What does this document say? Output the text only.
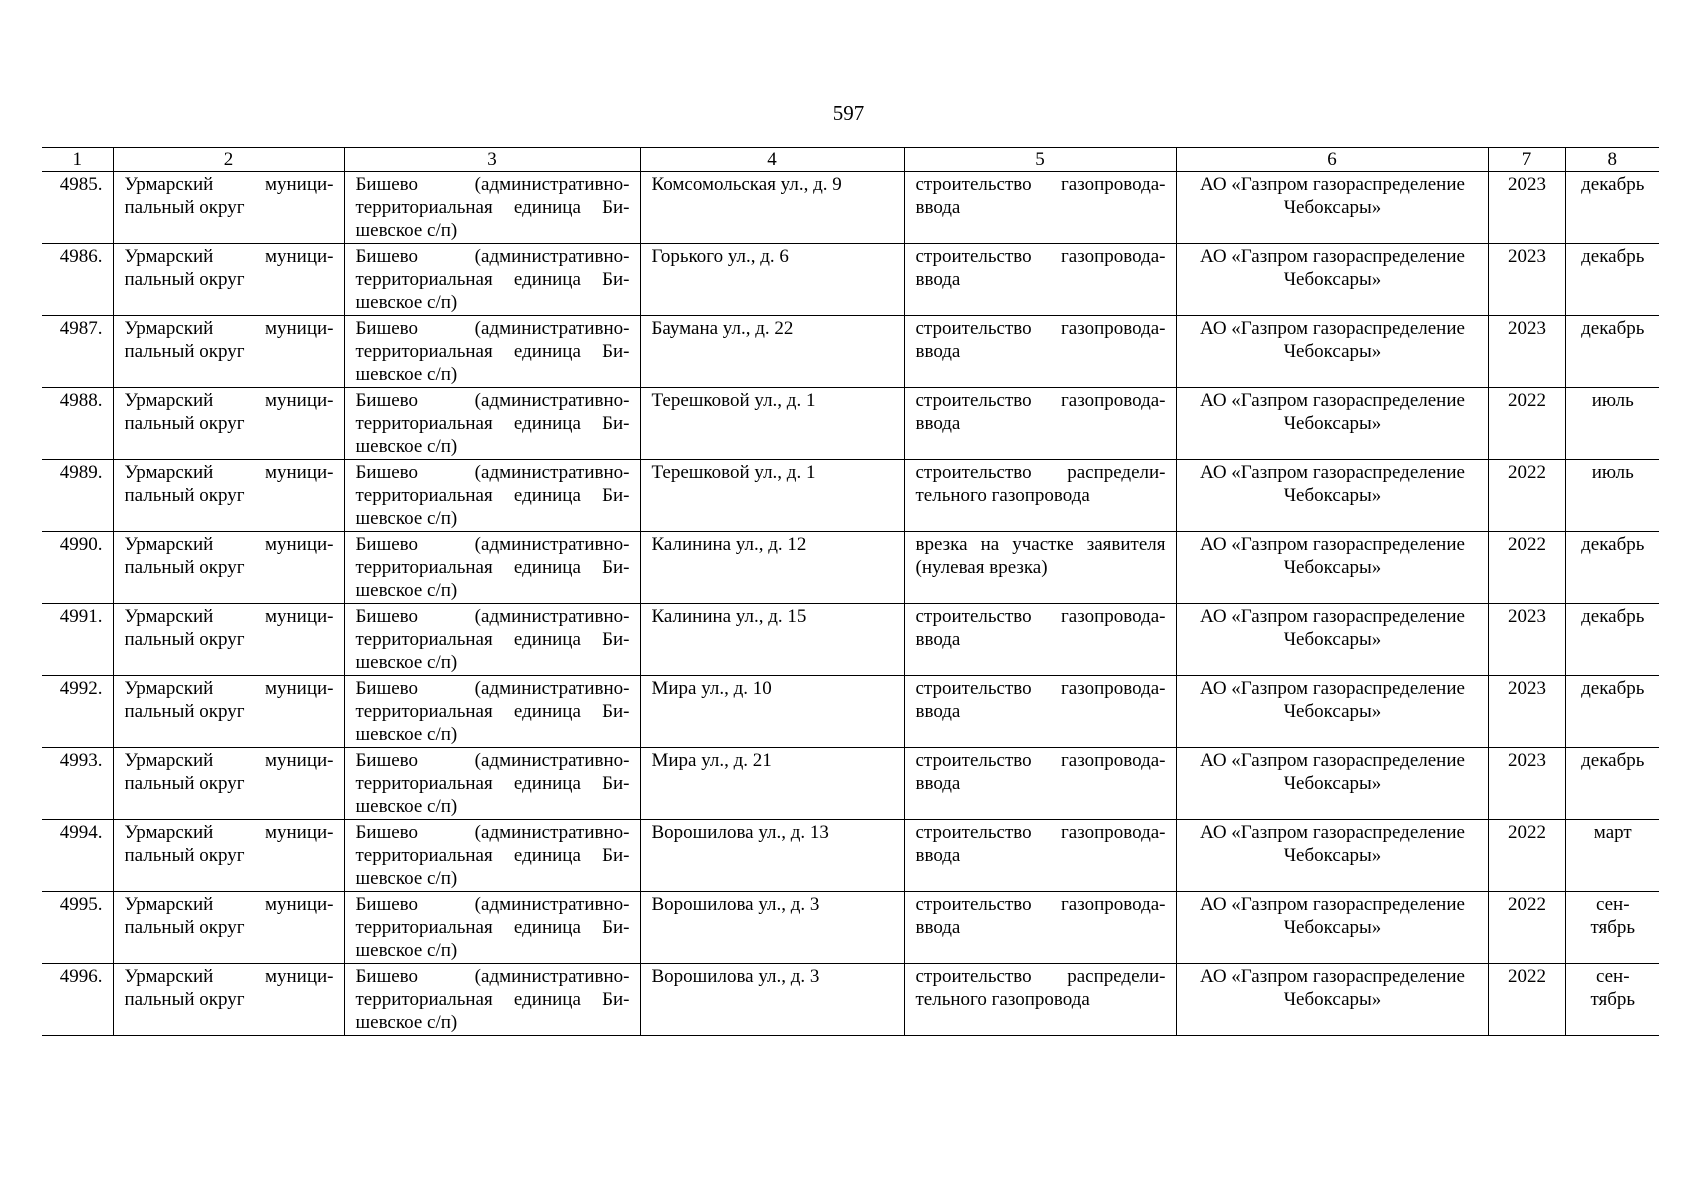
597
1	2	3	4	5	6	7	8
4985.	Урмарский муници-пальный округ	Бишево (административно-территориальная единица Би-шевское с/п)	Комсомольская ул., д. 9	строительство газопровода-ввода	АО «Газпром газораспределение Чебоксары»	2023	декабрь
4986.	Урмарский муници-пальный округ	Бишево (административно-территориальная единица Би-шевское с/п)	Горького ул., д. 6	строительство газопровода-ввода	АО «Газпром газораспределение Чебоксары»	2023	декабрь
4987.	Урмарский муници-пальный округ	Бишево (административно-территориальная единица Би-шевское с/п)	Баумана ул., д. 22	строительство газопровода-ввода	АО «Газпром газораспределение Чебоксары»	2023	декабрь
4988.	Урмарский муници-пальный округ	Бишево (административно-территориальная единица Би-шевское с/п)	Терешковой ул., д. 1	строительство газопровода-ввода	АО «Газпром газораспределение Чебоксары»	2022	июль
4989.	Урмарский муници-пальный округ	Бишево (административно-территориальная единица Би-шевское с/п)	Терешковой ул., д. 1	строительство распредели-тельного газопровода	АО «Газпром газораспределение Чебоксары»	2022	июль
4990.	Урмарский муници-пальный округ	Бишево (административно-территориальная единица Би-шевское с/п)	Калинина ул., д. 12	врезка на участке заявителя (нулевая врезка)	АО «Газпром газораспределение Чебоксары»	2022	декабрь
4991.	Урмарский муници-пальный округ	Бишево (административно-территориальная единица Би-шевское с/п)	Калинина ул., д. 15	строительство газопровода-ввода	АО «Газпром газораспределение Чебоксары»	2023	декабрь
4992.	Урмарский муници-пальный округ	Бишево (административно-территориальная единица Би-шевское с/п)	Мира ул., д. 10	строительство газопровода-ввода	АО «Газпром газораспределение Чебоксары»	2023	декабрь
4993.	Урмарский муници-пальный округ	Бишево (административно-территориальная единица Би-шевское с/п)	Мира ул., д. 21	строительство газопровода-ввода	АО «Газпром газораспределение Чебоксары»	2023	декабрь
4994.	Урмарский муници-пальный округ	Бишево (административно-территориальная единица Би-шевское с/п)	Ворошилова ул., д. 13	строительство газопровода-ввода	АО «Газпром газораспределение Чебоксары»	2022	март
4995.	Урмарский муници-пальный округ	Бишево (административно-территориальная единица Би-шевское с/п)	Ворошилова ул., д. 3	строительство газопровода-ввода	АО «Газпром газораспределение Чебоксары»	2022	сен-тябрь
4996.	Урмарский муници-пальный округ	Бишево (административно-территориальная единица Би-шевское с/п)	Ворошилова ул., д. 3	строительство распредели-тельного газопровода	АО «Газпром газораспределение Чебоксары»	2022	сен-тябрь
